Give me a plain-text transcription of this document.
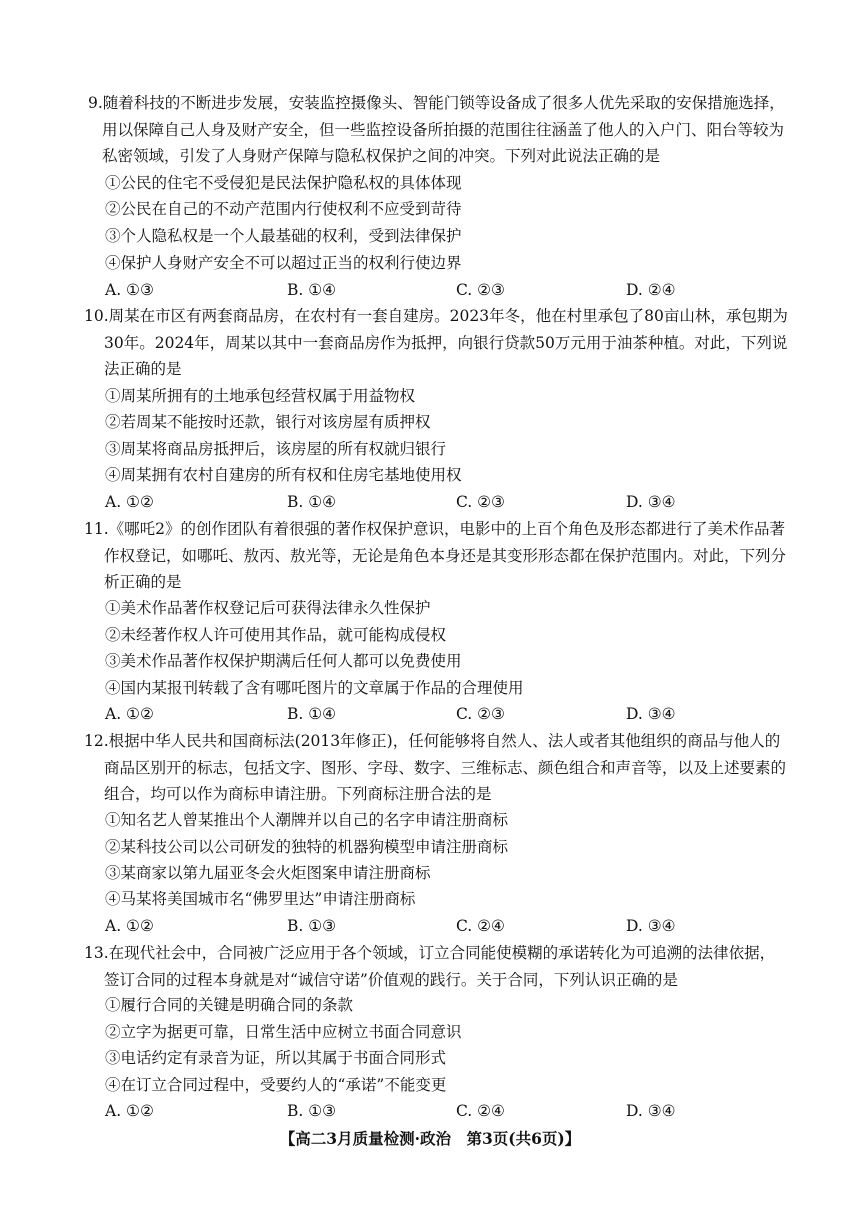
9.随着科技的不断进步发展，安装监控摄像头、智能门锁等设备成了很多人优先采取的安保措施选择，用以保障自己人身及财产安全，但一些监控设备所拍摄的范围往往涵盖了他人的入户门、阳台等较为私密领域，引发了人身财产保障与隐私权保护之间的冲突。下列对此说法正确的是
①公民的住宅不受侵犯是民法保护隐私权的具体体现
②公民在自己的不动产范围内行使权利不应受到苛待
③个人隐私权是一个人最基础的权利，受到法律保护
④保护人身财产安全不可以超过正当的权利行使边界
A. ①③	B. ①④	C. ②③	D. ②④
10.周某在市区有两套商品房，在农村有一套自建房。2023年冬，他在村里承包了80亩山林，承包期为30年。2024年，周某以其中一套商品房作为抵押，向银行贷款50万元用于油茶种植。对此，下列说法正确的是
①周某所拥有的土地承包经营权属于用益物权
②若周某不能按时还款，银行对该房屋有质押权
③周某将商品房抵押后，该房屋的所有权就归银行
④周某拥有农村自建房的所有权和住房宅基地使用权
A. ①②	B. ①④	C. ②③	D. ③④
11.《哪吒2》的创作团队有着很强的著作权保护意识，电影中的上百个角色及形态都进行了美术作品著作权登记，如哪吒、敖丙、敖光等，无论是角色本身还是其变形形态都在保护范围内。对此，下列分析正确的是
①美术作品著作权登记后可获得法律永久性保护
②未经著作权人许可使用其作品，就可能构成侵权
③美术作品著作权保护期满后任何人都可以免费使用
④国内某报刊转载了含有哪吒图片的文章属于作品的合理使用
A. ①②	B. ①④	C. ②③	D. ③④
12.根据中华人民共和国商标法(2013年修正)，任何能够将自然人、法人或者其他组织的商品与他人的商品区别开的标志，包括文字、图形、字母、数字、三维标志、颜色组合和声音等，以及上述要素的组合，均可以作为商标申请注册。下列商标注册合法的是
①知名艺人曾某推出个人潮牌并以自己的名字申请注册商标
②某科技公司以公司研发的独特的机器狗模型申请注册商标
③某商家以第九届亚冬会火炬图案申请注册商标
④马某将美国城市名“佛罗里达”申请注册商标
A. ①②	B. ①③	C. ②④	D. ③④
13.在现代社会中，合同被广泛应用于各个领域，订立合同能使模糊的承诺转化为可追溯的法律依据，签订合同的过程本身就是对“诚信守诺”价值观的践行。关于合同，下列认识正确的是
①履行合同的关键是明确合同的条款
②立字为据更可靠，日常生活中应树立书面合同意识
③电话约定有录音为证，所以其属于书面合同形式
④在订立合同过程中，受要约人的“承诺”不能变更
A. ①②	B. ①③	C. ②④	D. ③④
【高二3月质量检测·政治　第3页(共6页)】
